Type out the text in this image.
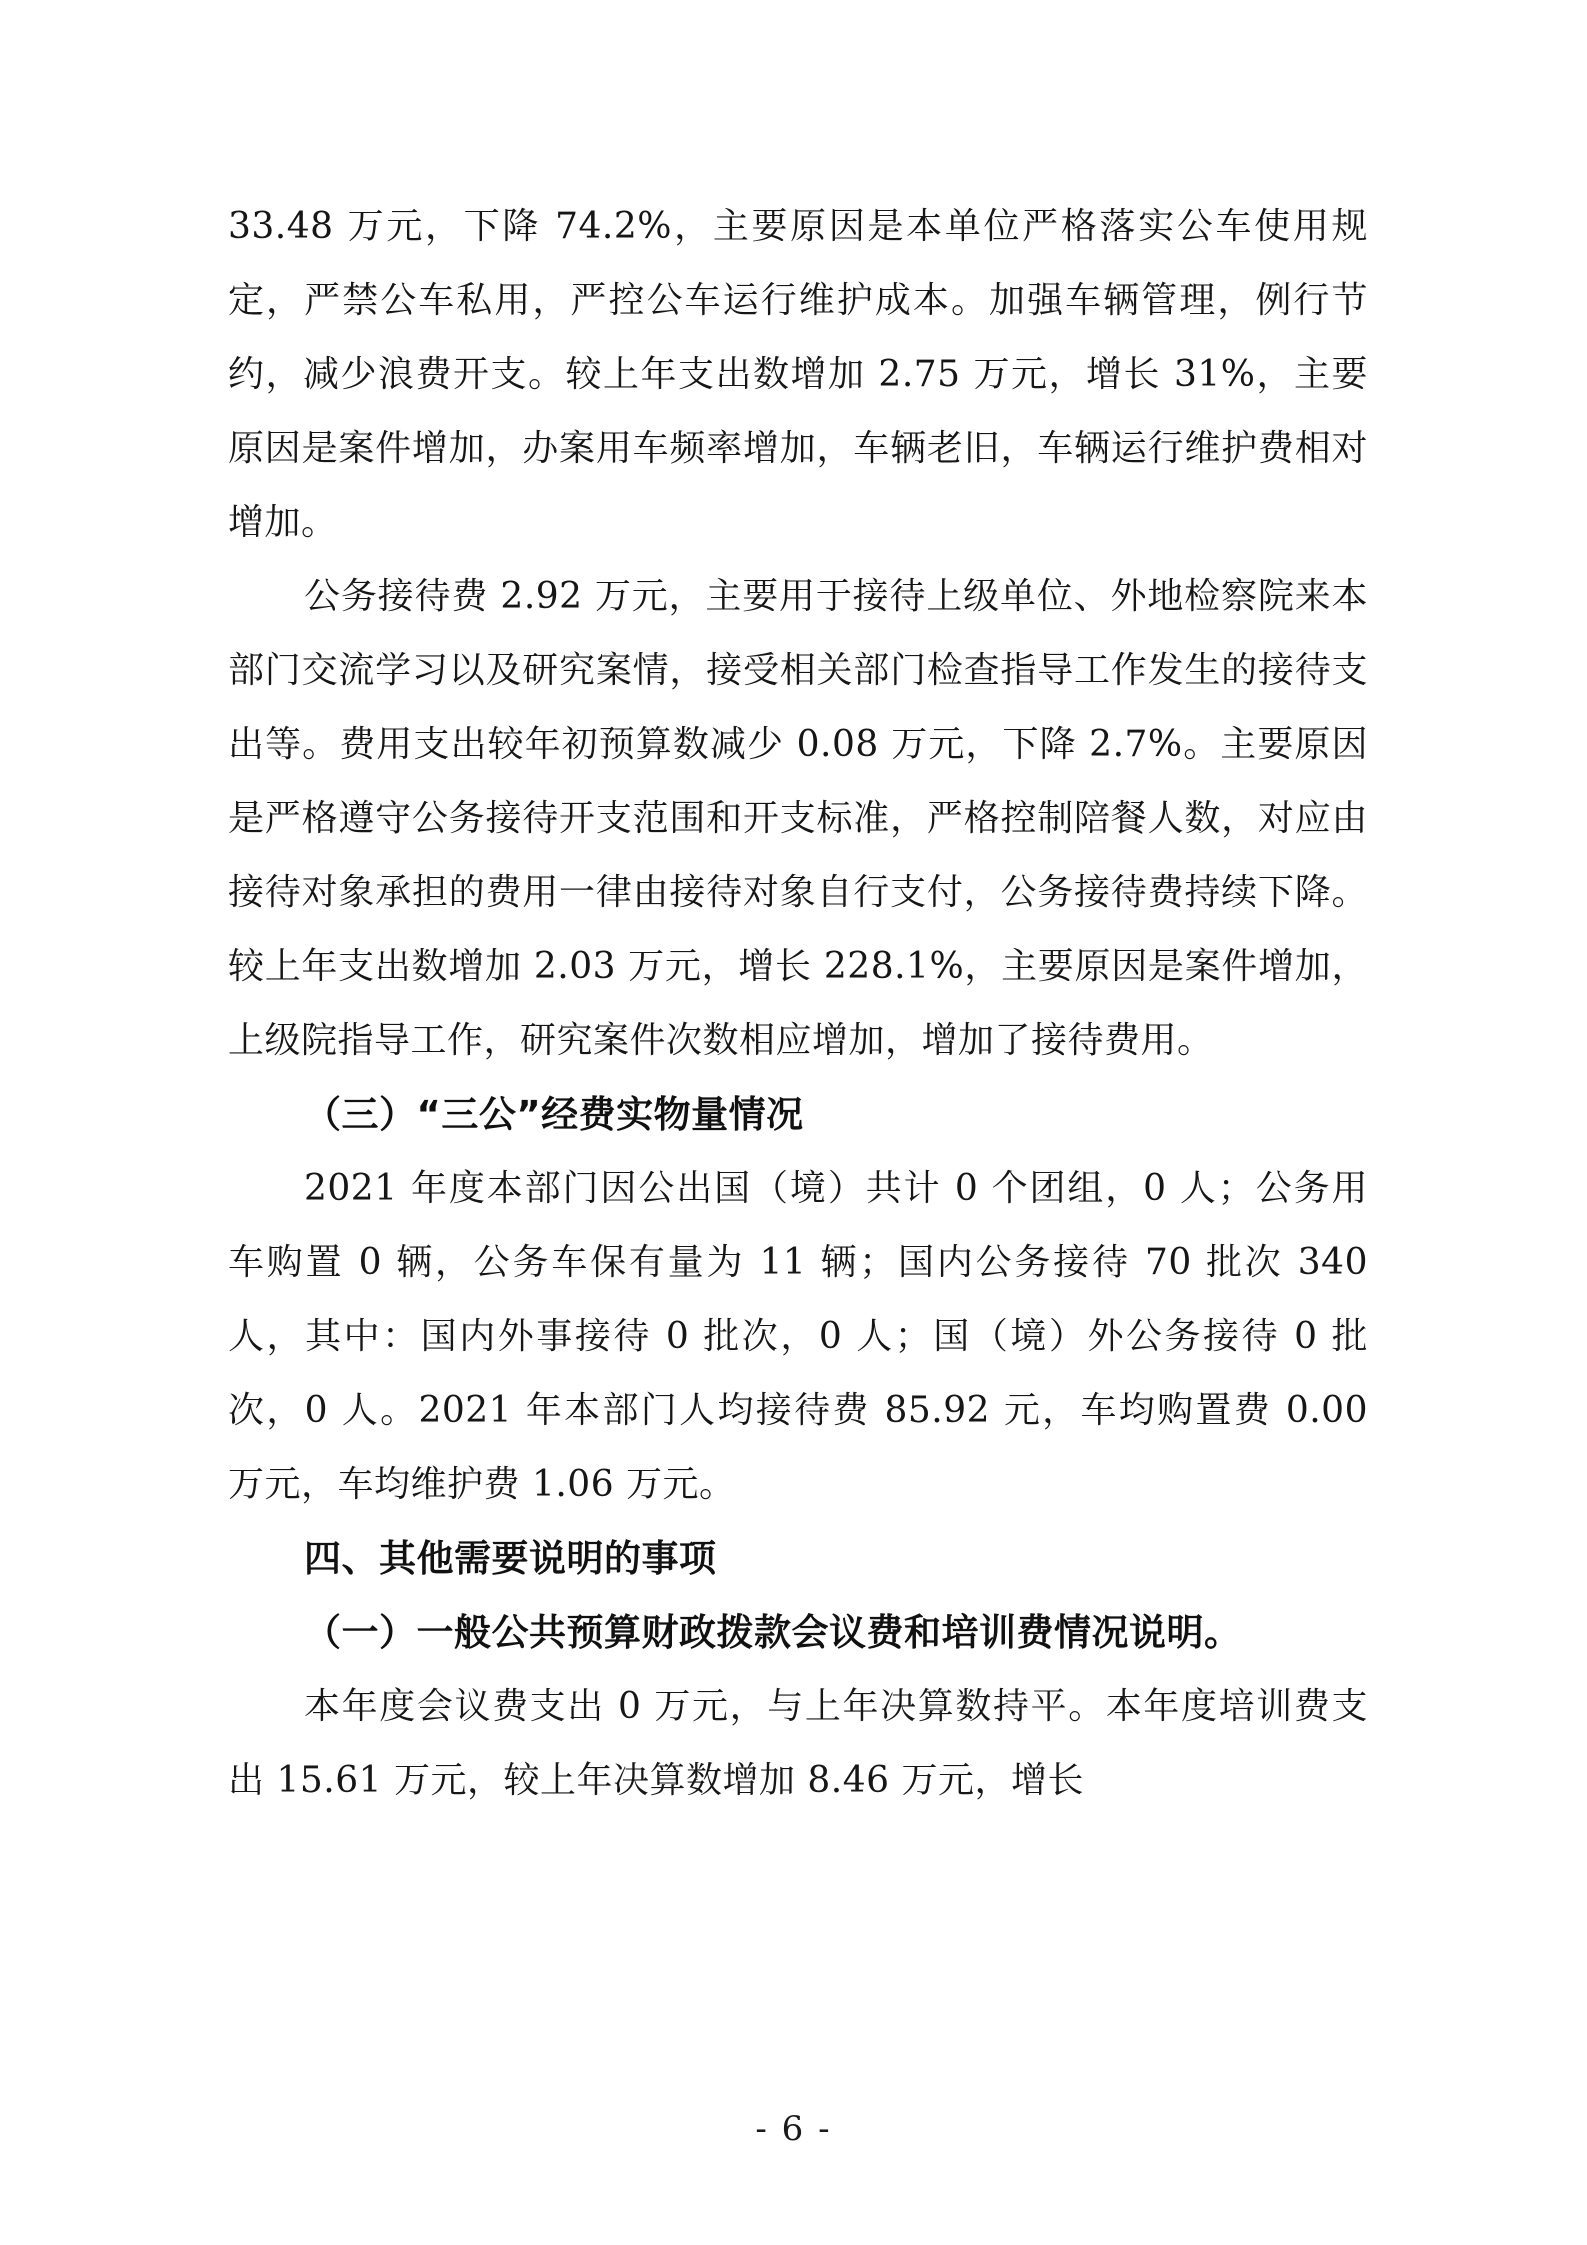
33.48 万元，下降 74.2%，主要原因是本单位严格落实公车使用规定，严禁公车私用，严控公车运行维护成本。加强车辆管理，例行节约，减少浪费开支。较上年支出数增加 2.75 万元，增长 31%，主要原因是案件增加，办案用车频率增加，车辆老旧，车辆运行维护费相对增加。

公务接待费 2.92 万元，主要用于接待上级单位、外地检察院来本部门交流学习以及研究案情，接受相关部门检查指导工作发生的接待支出等。费用支出较年初预算数减少 0.08 万元，下降 2.7%。主要原因是严格遵守公务接待开支范围和开支标准，严格控制陪餐人数，对应由接待对象承担的费用一律由接待对象自行支付，公务接待费持续下降。较上年支出数增加 2.03 万元，增长 228.1%，主要原因是案件增加，上级院指导工作，研究案件次数相应增加，增加了接待费用。

（三）“三公”经费实物量情况

2021 年度本部门因公出国（境）共计 0 个团组，0 人；公务用车购置 0 辆，公务车保有量为 11 辆；国内公务接待 70 批次 340 人，其中：国内外事接待 0 批次，0 人；国（境）外公务接待 0 批次，0 人。2021 年本部门人均接待费 85.92 元，车均购置费 0.00 万元，车均维护费 1.06 万元。

四、其他需要说明的事项

（一）一般公共预算财政拨款会议费和培训费情况说明。

本年度会议费支出 0 万元，与上年决算数持平。本年度培训费支出 15.61 万元，较上年决算数增加 8.46 万元，增长

- 6 -
